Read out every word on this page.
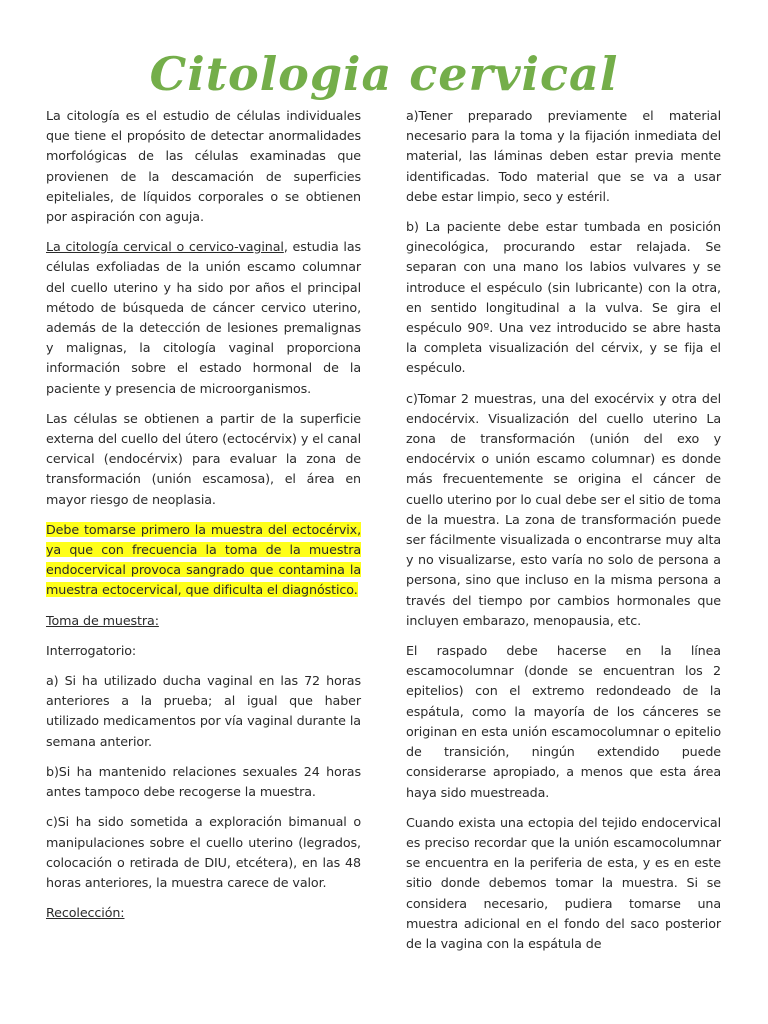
Citologia cervical

La citología es el estudio de células individuales que tiene el propósito de detectar anormalidades morfológicas de las células examinadas que provienen de la descamación de superficies epiteliales, de líquidos corporales o se obtienen por aspiración con aguja.

La citología cervical o cervico-vaginal, estudia las células exfoliadas de la unión escamo columnar del cuello uterino y ha sido por años el principal método de búsqueda de cáncer cervico uterino, además de la detección de lesiones premalignas y malignas, la citología vaginal proporciona información sobre el estado hormonal de la paciente y presencia de microorganismos.

Las células se obtienen a partir de la superficie externa del cuello del útero (ectocérvix) y el canal cervical (endocérvix) para evaluar la zona de transformación (unión escamosa), el área en mayor riesgo de neoplasia.

Debe tomarse primero la muestra del ectocérvix, ya que con frecuencia la toma de la muestra endocervical provoca sangrado que contamina la muestra ectocervical, que dificulta el diagnóstico.

Toma de muestra:

Interrogatorio:

a) Si ha utilizado ducha vaginal en las 72 horas anteriores a la prueba; al igual que haber utilizado medicamentos por vía vaginal durante la semana anterior.

b)Si ha mantenido relaciones sexuales 24 horas antes tampoco debe recogerse la muestra.

c)Si ha sido sometida a exploración bimanual o manipulaciones sobre el cuello uterino (legrados, colocación o retirada de DIU, etcétera), en las 48 horas anteriores, la muestra carece de valor.

Recolección:

a)Tener preparado previamente el material necesario para la toma y la fijación inmediata del material, las láminas deben estar previa mente identificadas. Todo material que se va a usar debe estar limpio, seco y estéril.

b) La paciente debe estar tumbada en posición ginecológica, procurando estar relajada. Se separan con una mano los labios vulvares y se introduce el espéculo (sin lubricante) con la otra, en sentido longitudinal a la vulva. Se gira el espéculo 90º. Una vez introducido se abre hasta la completa visualización del cérvix, y se fija el espéculo.

c)Tomar 2 muestras, una del exocérvix y otra del endocérvix. Visualización del cuello uterino La zona de transformación (unión del exo y endocérvix o unión escamo columnar) es donde más frecuentemente se origina el cáncer de cuello uterino por lo cual debe ser el sitio de toma de la muestra. La zona de transformación puede ser fácilmente visualizada o encontrarse muy alta y no visualizarse, esto varía no solo de persona a persona, sino que incluso en la misma persona a través del tiempo por cambios hormonales que incluyen embarazo, menopausia, etc.

El raspado debe hacerse en la línea escamocolumnar (donde se encuentran los 2 epitelios) con el extremo redondeado de la espátula, como la mayoría de los cánceres se originan en esta unión escamocolumnar o epitelio de transición, ningún extendido puede considerarse apropiado, a menos que esta área haya sido muestreada.

Cuando exista una ectopia del tejido endocervical es preciso recordar que la unión escamocolumnar se encuentra en la periferia de esta, y es en este sitio donde debemos tomar la muestra. Si se considera necesario, pudiera tomarse una muestra adicional en el fondo del saco posterior de la vagina con la espátula de
